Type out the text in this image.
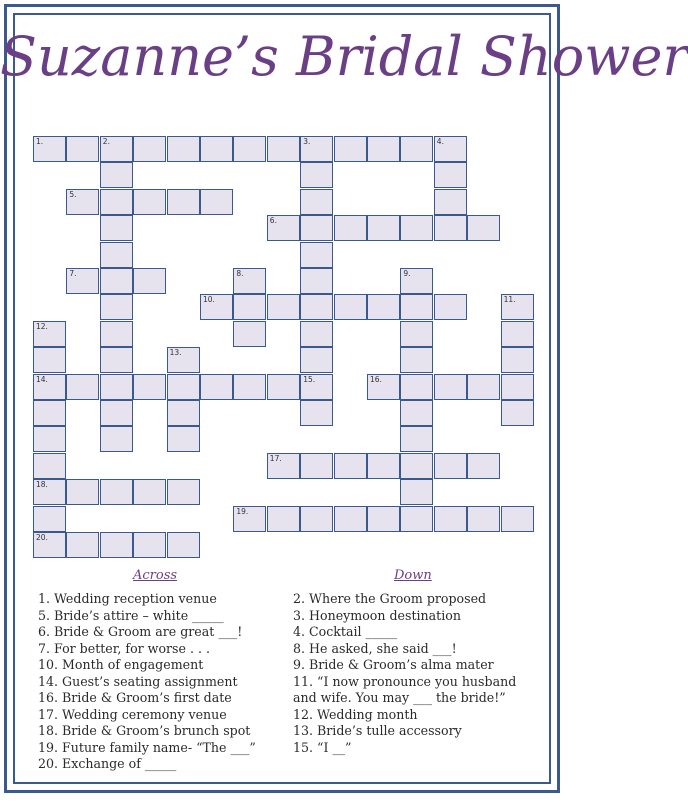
Suzanne’s Bridal Shower
1.	2.	3.	4.
15.
5.
6.
7.	8.	9.
10.	11.
12.
14.
18.
13.
16.
17.
19.
20.
Across	Down
1. Wedding reception venue
5. Bride’s attire – white _____
6. Bride & Groom are great ___!
7. For better, for worse . . .
10. Month of engagement
14. Guest’s seating assignment
16. Bride & Groom’s first date
17. Wedding ceremony venue
18. Bride & Groom’s brunch spot
19. Future family name- “The ___”
20. Exchange of _____
2. Where the Groom proposed
3. Honeymoon destination
4. Cocktail _____
8. He asked, she said ___!
9. Bride & Groom’s alma mater
11. “I now pronounce you husband
and wife. You may ___ the bride!”
12. Wedding month
13. Bride’s tulle accessory
15. “I __”
